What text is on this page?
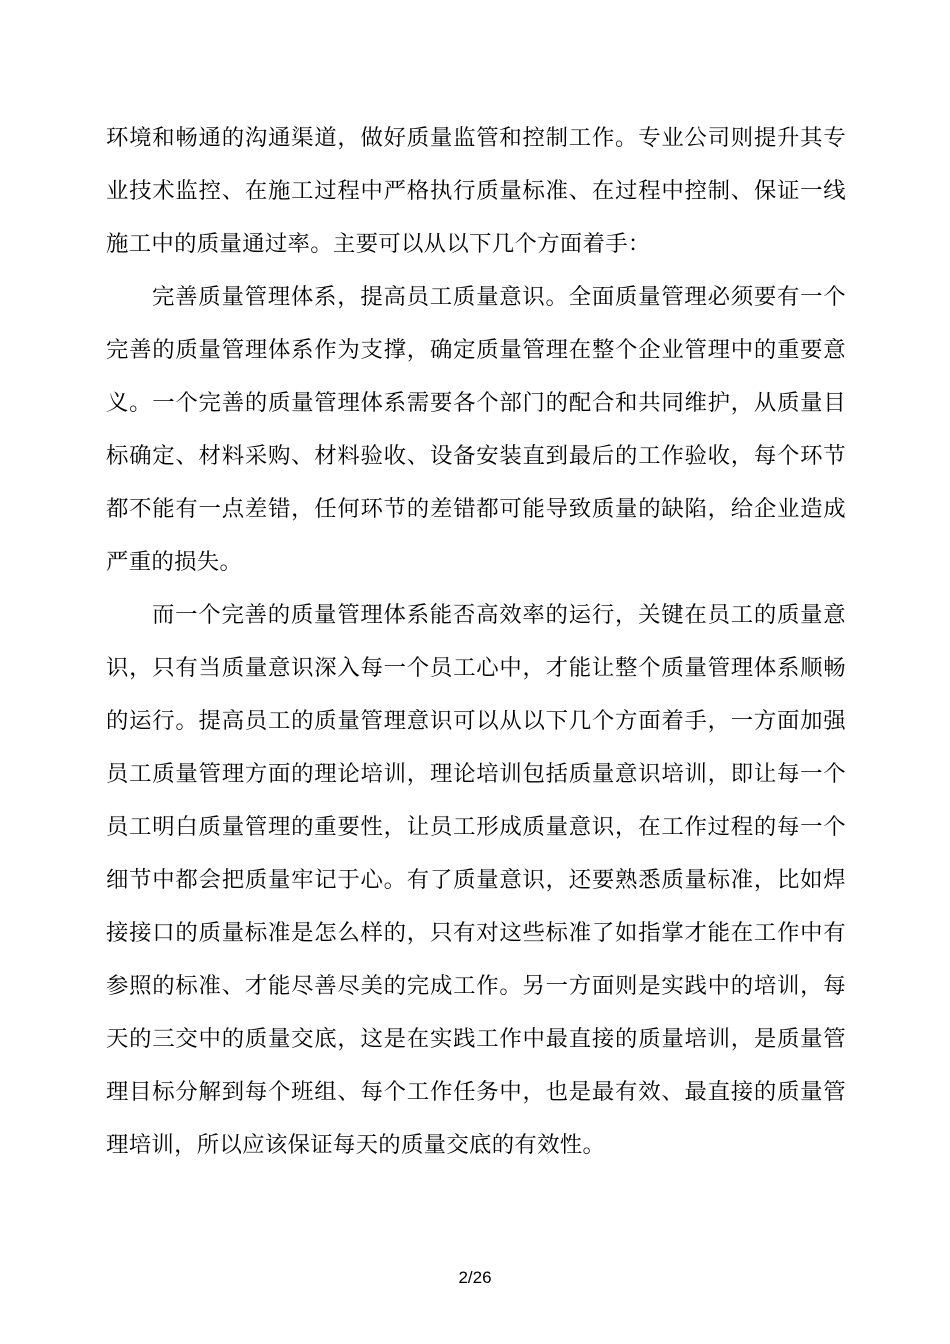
环境和畅通的沟通渠道，做好质量监管和控制工作。专业公司则提升其专业技术监控、在施工过程中严格执行质量标准、在过程中控制、保证一线施工中的质量通过率。主要可以从以下几个方面着手：

完善质量管理体系，提高员工质量意识。全面质量管理必须要有一个完善的质量管理体系作为支撑，确定质量管理在整个企业管理中的重要意义。一个完善的质量管理体系需要各个部门的配合和共同维护，从质量目标确定、材料采购、材料验收、设备安装直到最后的工作验收，每个环节都不能有一点差错，任何环节的差错都可能导致质量的缺陷，给企业造成严重的损失。

而一个完善的质量管理体系能否高效率的运行，关键在员工的质量意识，只有当质量意识深入每一个员工心中，才能让整个质量管理体系顺畅的运行。提高员工的质量管理意识可以从以下几个方面着手，一方面加强员工质量管理方面的理论培训，理论培训包括质量意识培训，即让每一个员工明白质量管理的重要性，让员工形成质量意识，在工作过程的每一个细节中都会把质量牢记于心。有了质量意识，还要熟悉质量标准，比如焊接接口的质量标准是怎么样的，只有对这些标准了如指掌才能在工作中有参照的标准、才能尽善尽美的完成工作。另一方面则是实践中的培训，每天的三交中的质量交底，这是在实践工作中最直接的质量培训，是质量管理目标分解到每个班组、每个工作任务中，也是最有效、最直接的质量管理培训，所以应该保证每天的质量交底的有效性。

2/26
